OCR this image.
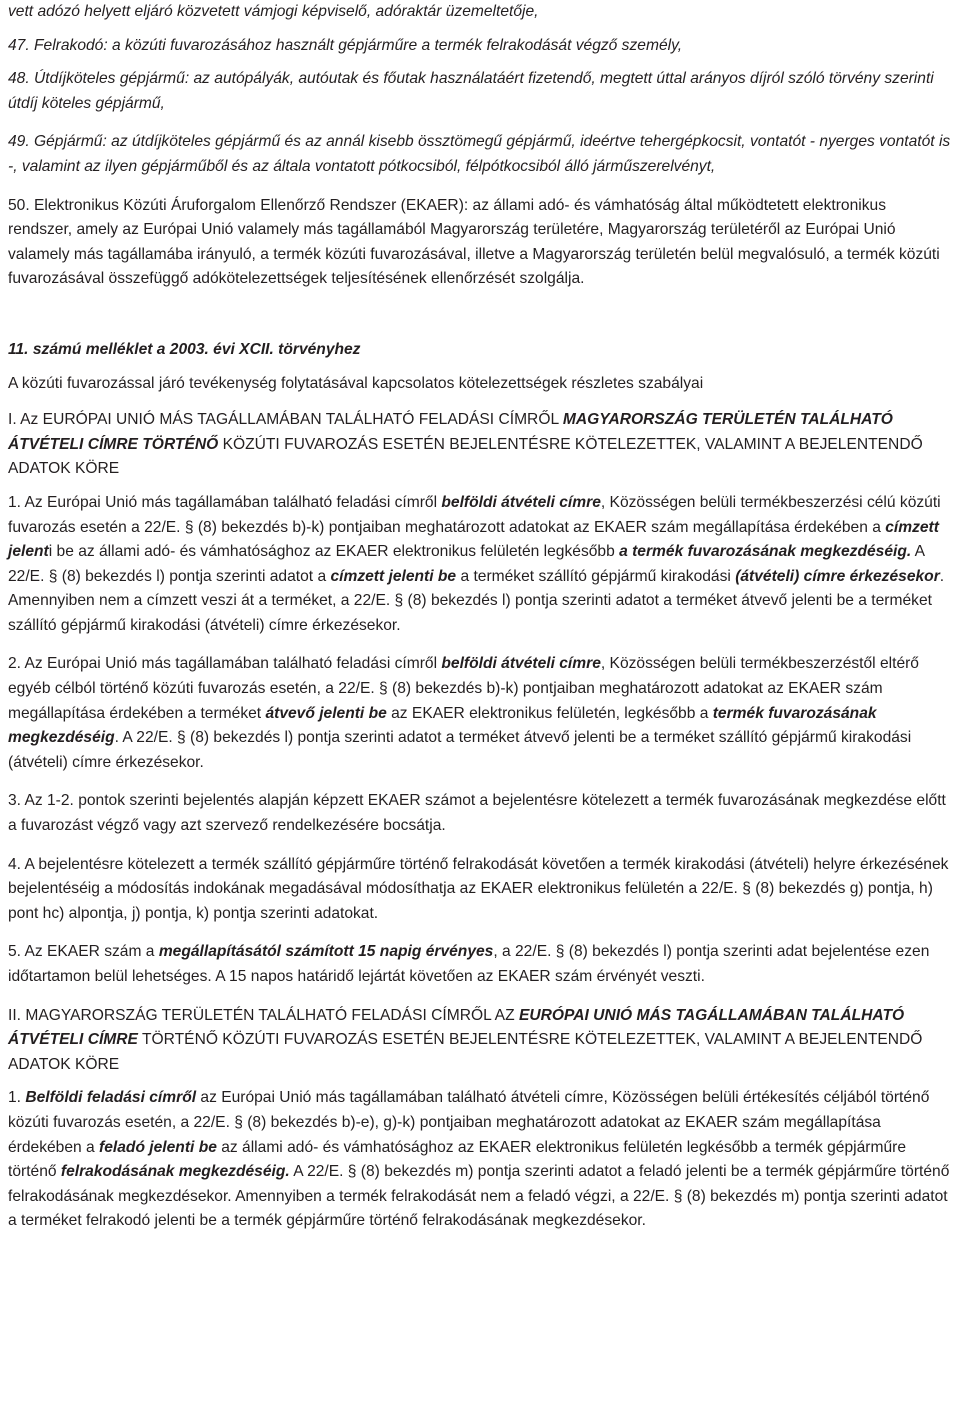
vett adózó helyett eljáró közvetett vámjogi képviselő, adóraktár üzemeltetője,

47. Felrakodó: a közúti fuvarozásához használt gépjárműre a termék felrakodását végző személy,

48. Útdíjköteles gépjármű: az autópályák, autóutak és főutak használatáért fizetendő, megtett úttal arányos díjról szóló törvény szerinti útdíj köteles gépjármű,

49. Gépjármű: az útdíjköteles gépjármű és az annál kisebb össztömegű gépjármű, ideértve tehergépkocsit, vontatót - nyerges vontatót is -, valamint az ilyen gépjárműből és az általa vontatott pótkocsiból, félpótkocsiból álló járműszerelvényt,

50. Elektronikus Közúti Áruforgalom Ellenőrző Rendszer (EKAER): az állami adó- és vámhatóság által működtetett elektronikus rendszer, amely az Európai Unió valamely más tagállamából Magyarország területére, Magyarország területéről az Európai Unió valamely más tagállamába irányuló, a termék közúti fuvarozásával, illetve a Magyarország területén belül megvalósuló, a termék közúti fuvarozásával összefüggő adókötelezettségek teljesítésének ellenőrzését szolgálja.

11. számú melléklet a 2003. évi XCII. törvényhez

A közúti fuvarozással járó tevékenység folytatásával kapcsolatos kötelezettségek részletes szabályai

I. Az EURÓPAI UNIÓ MÁS TAGÁLLAMÁBAN TALÁLHATÓ FELADÁSI CÍMRŐL MAGYARORSZÁG TERÜLETÉN TALÁLHATÓ ÁTVÉTELI CÍMRE TÖRTÉNŐ KÖZÚTI FUVAROZÁS ESETÉN BEJELENTÉSRE KÖTELEZETTEK, VALAMINT A BEJELENTENDŐ ADATOK KÖRE

1. Az Európai Unió más tagállamában található feladási címről belföldi átvételi címre, Közösségen belüli termékbeszerzési célú közúti fuvarozás esetén a 22/E. § (8) bekezdés b)-k) pontjaiban meghatározott adatokat az EKAER szám megállapítása érdekében a címzett jelenti be az állami adó- és vámhatósághoz az EKAER elektronikus felületén legkésőbb a termék fuvarozásának megkezdéséig. A 22/E. § (8) bekezdés l) pontja szerinti adatot a címzett jelenti be a terméket szállító gépjármű kirakodási (átvételi) címre érkezésekor. Amennyiben nem a címzett veszi át a terméket, a 22/E. § (8) bekezdés l) pontja szerinti adatot a terméket átvevő jelenti be a terméket szállító gépjármű kirakodási (átvételi) címre érkezésekor.

2. Az Európai Unió más tagállamában található feladási címről belföldi átvételi címre, Közösségen belüli termékbeszerzéstől eltérő egyéb célból történő közúti fuvarozás esetén, a 22/E. § (8) bekezdés b)-k) pontjaiban meghatározott adatokat az EKAER szám megállapítása érdekében a terméket átvevő jelenti be az EKAER elektronikus felületén, legkésőbb a termék fuvarozásának megkezdéséig. A 22/E. § (8) bekezdés l) pontja szerinti adatot a terméket átvevő jelenti be a terméket szállító gépjármű kirakodási (átvételi) címre érkezésekor.

3. Az 1-2. pontok szerinti bejelentés alapján képzett EKAER számot a bejelentésre kötelezett a termék fuvarozásának megkezdése előtt a fuvarozást végző vagy azt szervező rendelkezésére bocsátja.

4. A bejelentésre kötelezett a termék szállító gépjárműre történő felrakodását követően a termék kirakodási (átvételi) helyre érkezésének bejelentéséig a módosítás indokának megadásával módosíthatja az EKAER elektronikus felületén a 22/E. § (8) bekezdés g) pontja, h) pont hc) alpontja, j) pontja, k) pontja szerinti adatokat.

5. Az EKAER szám a megállapításától számított 15 napig érvényes, a 22/E. § (8) bekezdés l) pontja szerinti adat bejelentése ezen időtartamon belül lehetséges. A 15 napos határidő lejártát követően az EKAER szám érvényét veszti.

II. MAGYARORSZÁG TERÜLETÉN TALÁLHATÓ FELADÁSI CÍMRŐL AZ EURÓPAI UNIÓ MÁS TAGÁLLAMÁBAN TALÁLHATÓ ÁTVÉTELI CÍMRE TÖRTÉNŐ KÖZÚTI FUVAROZÁS ESETÉN BEJELENTÉSRE KÖTELEZETTEK, VALAMINT A BEJELENTENDŐ ADATOK KÖRE

1. Belföldi feladási címről az Európai Unió más tagállamában található átvételi címre, Közösségen belüli értékesítés céljából történő közúti fuvarozás esetén, a 22/E. § (8) bekezdés b)-e), g)-k) pontjaiban meghatározott adatokat az EKAER szám megállapítása érdekében a feladó jelenti be az állami adó- és vámhatósághoz az EKAER elektronikus felületén legkésőbb a termék gépjárműre történő felrakodásának megkezdéséig. A 22/E. § (8) bekezdés m) pontja szerinti adatot a feladó jelenti be a termék gépjárműre történő felrakodásának megkezdésekor. Amennyiben a termék felrakodását nem a feladó végzi, a 22/E. § (8) bekezdés m) pontja szerinti adatot a terméket felrakodó jelenti be a termék gépjárműre történő felrakodásának megkezdésekor.
